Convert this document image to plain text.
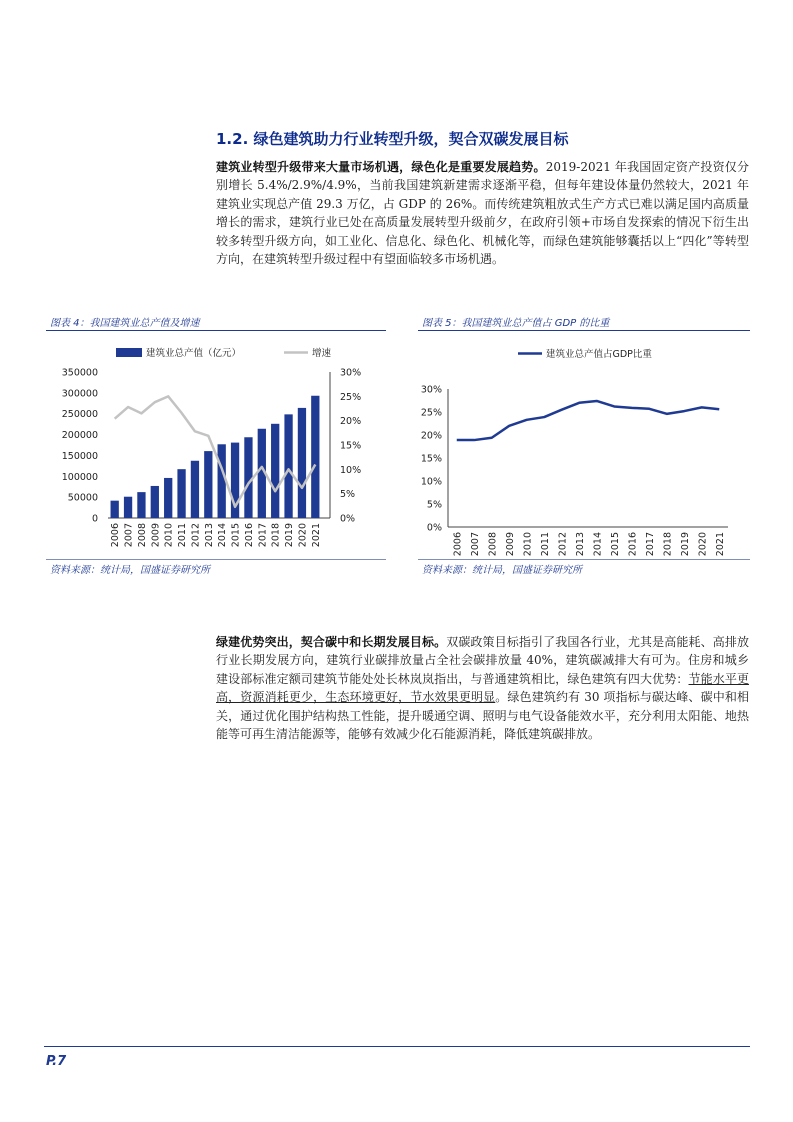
1.2. 绿色建筑助力行业转型升级，契合双碳发展目标

建筑业转型升级带来大量市场机遇，绿色化是重要发展趋势。2019-2021 年我国固定资产投资仅分别增长 5.4%/2.9%/4.9%，当前我国建筑新建需求逐渐平稳，但每年建设体量仍然较大，2021 年建筑业实现总产值 29.3 万亿，占 GDP 的 26%。而传统建筑粗放式生产方式已难以满足国内高质量增长的需求，建筑行业已处在高质量发展转型升级前夕，在政府引领+市场自发探索的情况下衍生出较多转型升级方向，如工业化、信息化、绿色化、机械化等，而绿色建筑能够囊括以上“四化”等转型方向，在建筑转型升级过程中有望面临较多市场机遇。

图表 4：我国建筑业总产值及增速

建筑业总产值（亿元）	增速
0
50000
100000
150000
200000
250000
300000
350000
0%
5%
10%
15%
20%
25%
30%
2006 2007 2008 2009 2010 2011 2012 2013 2014 2015 2016 2017 2018 2019 2020 2021

资料来源：统计局，国盛证券研究所

图表 5：我国建筑业总产值占 GDP 的比重

建筑业总产值占GDP比重
0%
5%
10%
15%
20%
25%
30%
2006 2007 2008 2009 2010 2011 2012 2013 2014 2015 2016 2017 2018 2019 2020 2021

资料来源：统计局，国盛证券研究所

绿建优势突出，契合碳中和长期发展目标。双碳政策目标指引了我国各行业，尤其是高能耗、高排放行业长期发展方向，建筑行业碳排放量占全社会碳排放量 40%，建筑碳减排大有可为。住房和城乡建设部标准定额司建筑节能处处长林岚岚指出，与普通建筑相比，绿色建筑有四大优势：节能水平更高，资源消耗更少，生态环境更好，节水效果更明显。绿色建筑约有 30 项指标与碳达峰、碳中和相关，通过优化围护结构热工性能，提升暖通空调、照明与电气设备能效水平，充分利用太阳能、地热能等可再生清洁能源等，能够有效减少化石能源消耗，降低建筑碳排放。

P.7
